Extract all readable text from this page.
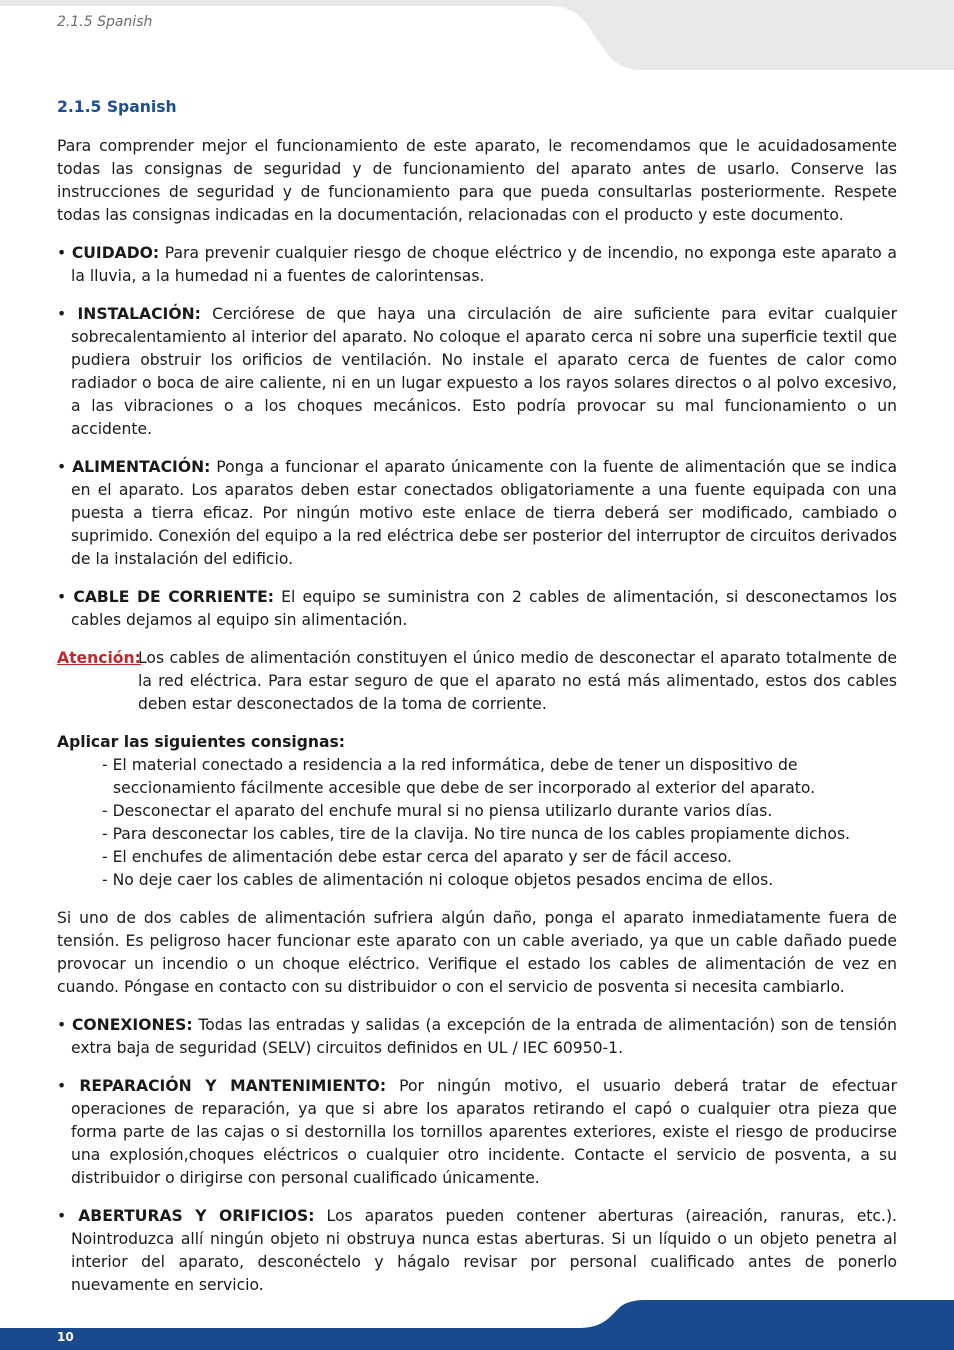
2.1.5 Spanish
10
2.1.5 Spanish

Para comprender mejor el funcionamiento de este aparato, le recomendamos que le acuidadosamente todas las consignas de seguridad y de funcionamiento del aparato antes de usarlo. Conserve las instrucciones de seguridad y de funcionamiento para que pueda consultarlas posteriormente. Respete todas las consignas indicadas en la documentación, relacionadas con el producto y este documento.

• CUIDADO: Para prevenir cualquier riesgo de choque eléctrico y de incendio, no exponga este aparato a la lluvia, a la humedad ni a fuentes de calorintensas.
• INSTALACIÓN: Cerciórese de que haya una circulación de aire suficiente para evitar cualquier sobrecalentamiento al interior del aparato. No coloque el aparato cerca ni sobre una superficie textil que pudiera obstruir los orificios de ventilación. No instale el aparato cerca de fuentes de calor como radiador o boca de aire caliente, ni en un lugar expuesto a los rayos solares directos o al polvo excesivo, a las vibraciones o a los choques mecánicos. Esto podría provocar su mal funcionamiento o un accidente.
• ALIMENTACIÓN: Ponga a funcionar el aparato únicamente con la fuente de alimentación que se indica en el aparato. Los aparatos deben estar conectados obligatoriamente a una fuente equipada con una puesta a tierra eficaz. Por ningún motivo este enlace de tierra deberá ser modificado, cambiado o suprimido. Conexión del equipo a la red eléctrica debe ser posterior del interruptor de circuitos derivados de la instalación del edificio.
• CABLE DE CORRIENTE: El equipo se suministra con 2 cables de alimentación, si desconectamos los cables dejamos al equipo sin alimentación.
Atención:
Los cables de alimentación constituyen el único medio de desconectar el aparato totalmente de la red eléctrica. Para estar seguro de que el aparato no está más alimentado, estos dos cables deben estar desconectados de la toma de corriente.
Aplicar las siguientes consignas:
- El material conectado a residencia a la red informática, debe de tener un dispositivo de seccionamiento fácilmente accesible que debe de ser incorporado al exterior del aparato.
- Desconectar el aparato del enchufe mural si no piensa utilizarlo durante varios días.
- Para desconectar los cables, tire de la clavija. No tire nunca de los cables propiamente dichos.
- El enchufes de alimentación debe estar cerca del aparato y ser de fácil acceso.
- No deje caer los cables de alimentación ni coloque objetos pesados encima de ellos.

Si uno de dos cables de alimentación sufriera algún daño, ponga el aparato inmediatamente fuera de tensión. Es peligroso hacer funcionar este aparato con un cable averiado, ya que un cable dañado puede provocar un incendio o un choque eléctrico. Verifique el estado los cables de alimentación de vez en cuando. Póngase en contacto con su distribuidor o con el servicio de posventa si necesita cambiarlo.

• CONEXIONES: Todas las entradas y salidas (a excepción de la entrada de alimentación) son de tensión extra baja de seguridad (SELV) circuitos definidos en UL / IEC 60950-1.
• REPARACIÓN Y MANTENIMIENTO: Por ningún motivo, el usuario deberá tratar de efectuar operaciones de reparación, ya que si abre los aparatos retirando el capó o cualquier otra pieza que forma parte de las cajas o si destornilla los tornillos aparentes exteriores, existe el riesgo de producirse una explosión,choques eléctricos o cualquier otro incidente. Contacte el servicio de posventa, a su distribuidor o dirigirse con personal cualificado únicamente.
• ABERTURAS Y ORIFICIOS: Los aparatos pueden contener aberturas (aireación, ranuras, etc.). Nointroduzca allí ningún objeto ni obstruya nunca estas aberturas. Si un líquido o un objeto penetra al interior del aparato, desconéctelo y hágalo revisar por personal cualificado antes de ponerlo nuevamente en servicio.
